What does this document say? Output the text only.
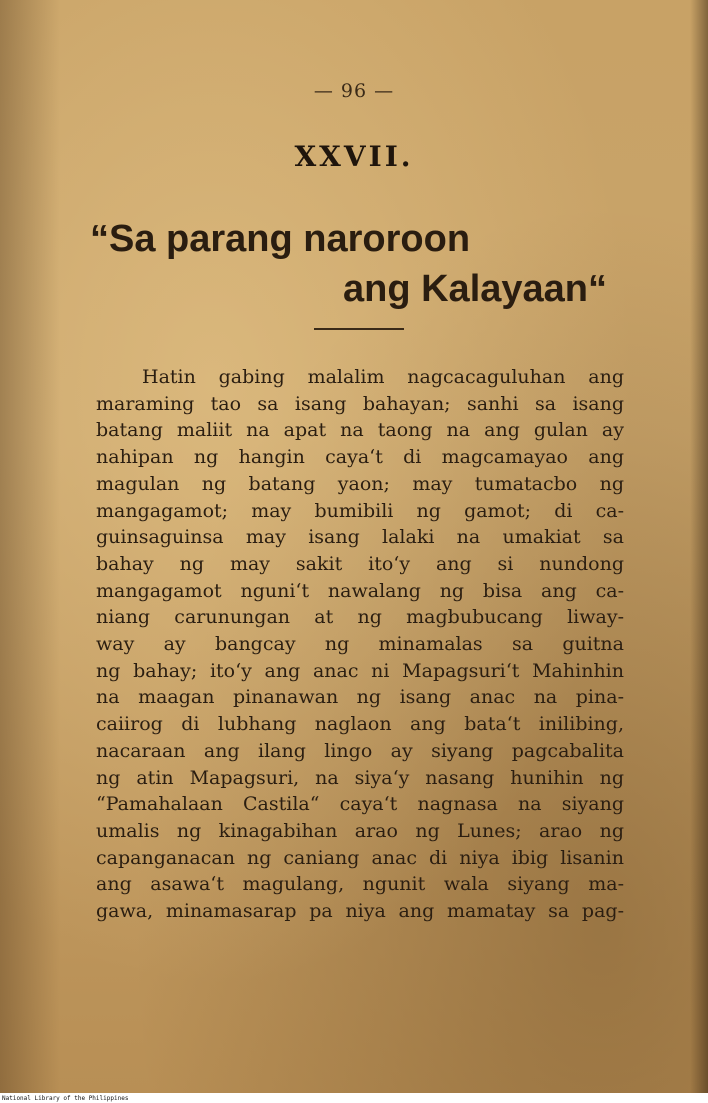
— 96 —
XXVII.
“Sa parang naroroon
ang Kalayaan“
Hatin gabing malalim nagcacaguluhan ang
maraming tao sa isang bahayan; sanhi sa isang
batang maliit na apat na taong na ang gulan ay
nahipan ng hangin caya‘t di magcamayao ang
magulan ng batang yaon; may tumatacbo ng
mangagamot; may bumibili ng gamot; di ca-
guinsaguinsa may isang lalaki na umakiat sa
bahay ng may sakit ito‘y ang si nundong
mangagamot nguni‘t nawalang ng bisa ang ca-
niang carunungan at ng magbubucang liway-
way ay bangcay ng minamalas sa guitna
ng bahay; ito‘y ang anac ni Mapagsuri‘t Mahinhin
na maagan pinanawan ng isang anac na pina-
caiirog di lubhang naglaon ang bata‘t inilibing,
nacaraan ang ilang lingo ay siyang pagcabalita
ng atin Mapagsuri, na siya‘y nasang hunihin ng
“Pamahalaan Castila“ caya‘t nagnasa na siyang
umalis ng kinagabihan arao ng Lunes; arao ng
capanganacan ng caniang anac di niya ibig lisanin
ang asawa‘t magulang, ngunit wala siyang ma-
gawa, minamasarap pa niya ang mamatay sa pag-
National Library of the Philippines
